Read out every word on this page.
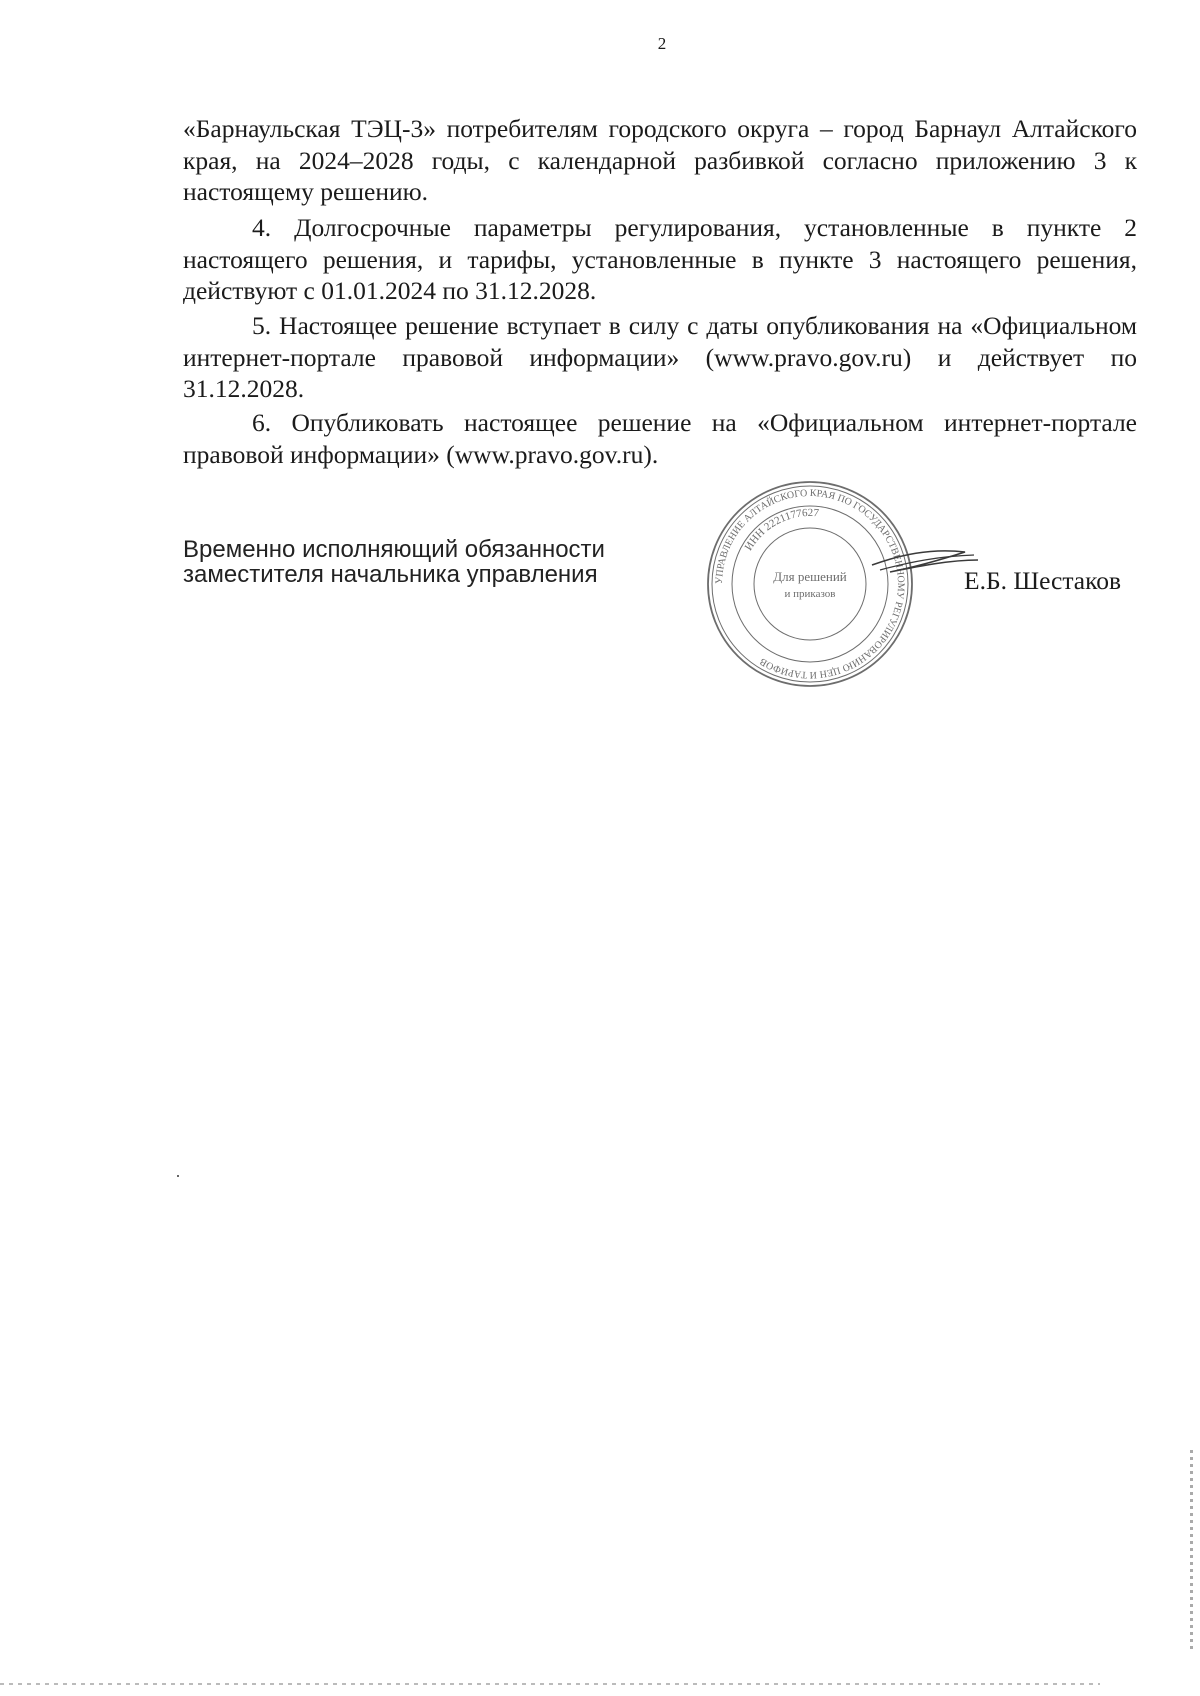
2

«Барнаульская ТЭЦ-3» потребителям городского округа – город Барнаул Алтайского края, на 2024–2028 годы, с календарной разбивкой согласно приложению 3 к настоящему решению.

4. Долгосрочные параметры регулирования, установленные в пункте 2 настоящего решения, и тарифы, установленные в пункте 3 настоящего решения, действуют с 01.01.2024 по 31.12.2028.

5. Настоящее решение вступает в силу с даты опубликования на «Официальном интернет-портале правовой информации» (www.pravo.gov.ru) и действует по 31.12.2028.

6. Опубликовать настоящее решение на «Официальном интернет-портале правовой информации» (www.pravo.gov.ru).

Временно исполняющий обязанности
заместителя начальника управления	УПРАВЛЕНИЕ АЛТАЙСКОГО КРАЯ ПО ГОСУДАРСТВЕННОМУ РЕГУЛИРОВАНИЮ ЦЕН И ТАРИФОВ
ИНН 2221177627
Для решений
и приказов	Е.Б. Шестаков
